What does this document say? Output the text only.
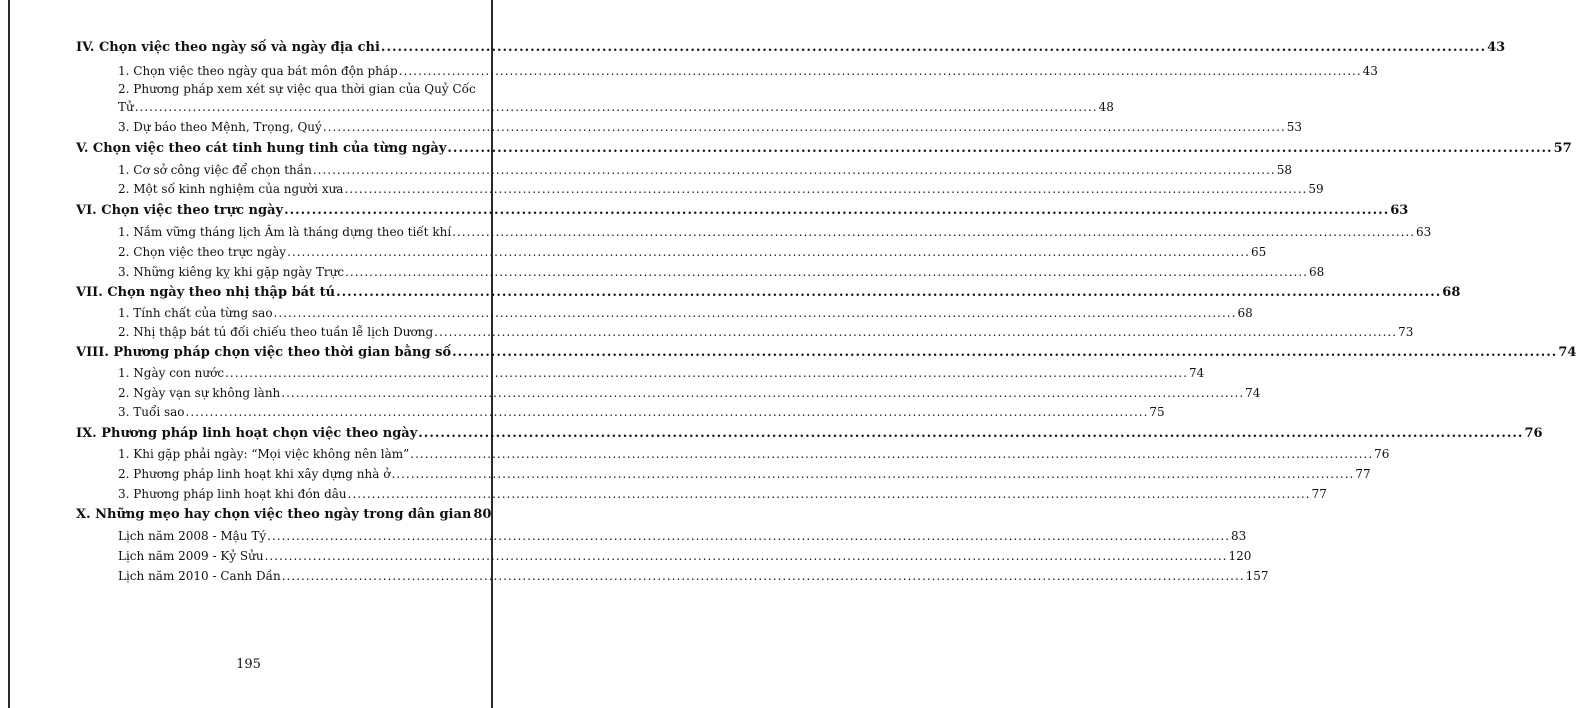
IV. Chọn việc theo ngày số và ngày địa chi .....	43
1. Chọn việc theo ngày qua bát môn độn pháp .....	43
2. Phương pháp xem xét sự việc qua thời gian của Quỷ Cốc
Tử .....	48
3. Dự báo theo Mệnh, Trọng, Quý .....	53
V. Chọn việc theo cát tinh hung tinh của từng ngày .....	57
1. Cơ sở công việc để chọn thần .....	58
2. Một số kinh nghiệm của người xưa .....	59
VI. Chọn việc theo trực ngày .....	63
1. Nắm vững tháng lịch Âm là tháng dựng theo tiết khí .....	63
2. Chọn việc theo trực ngày .....	65
3. Những kiêng kỵ khi gặp ngày Trực .....	68
VII. Chọn ngày theo nhị thập bát tú .....	68
1. Tính chất của từng sao .....	68
2. Nhị thập bát tú đối chiếu theo tuần lễ lịch Dương .....	73
VIII. Phương pháp chọn việc theo thời gian bằng số .....	74
1. Ngày con nước .....	74
2. Ngày vạn sự không lành .....	74
3. Tuổi sao .....	75
IX. Phương pháp linh hoạt chọn việc theo ngày .....	76
1. Khi gặp phải ngày: “Mọi việc không nên làm” .....	76
2. Phương pháp linh hoạt khi xây dựng nhà ở .....	77
3. Phương pháp linh hoạt khi đón dâu .....	77
X. Những mẹo hay chọn việc theo ngày trong dân gian 80
Lịch năm 2008 - Mậu Tý .....	83
Lịch năm 2009 - Kỷ Sửu .....	120
Lịch năm 2010 - Canh Dần .....	157
195
